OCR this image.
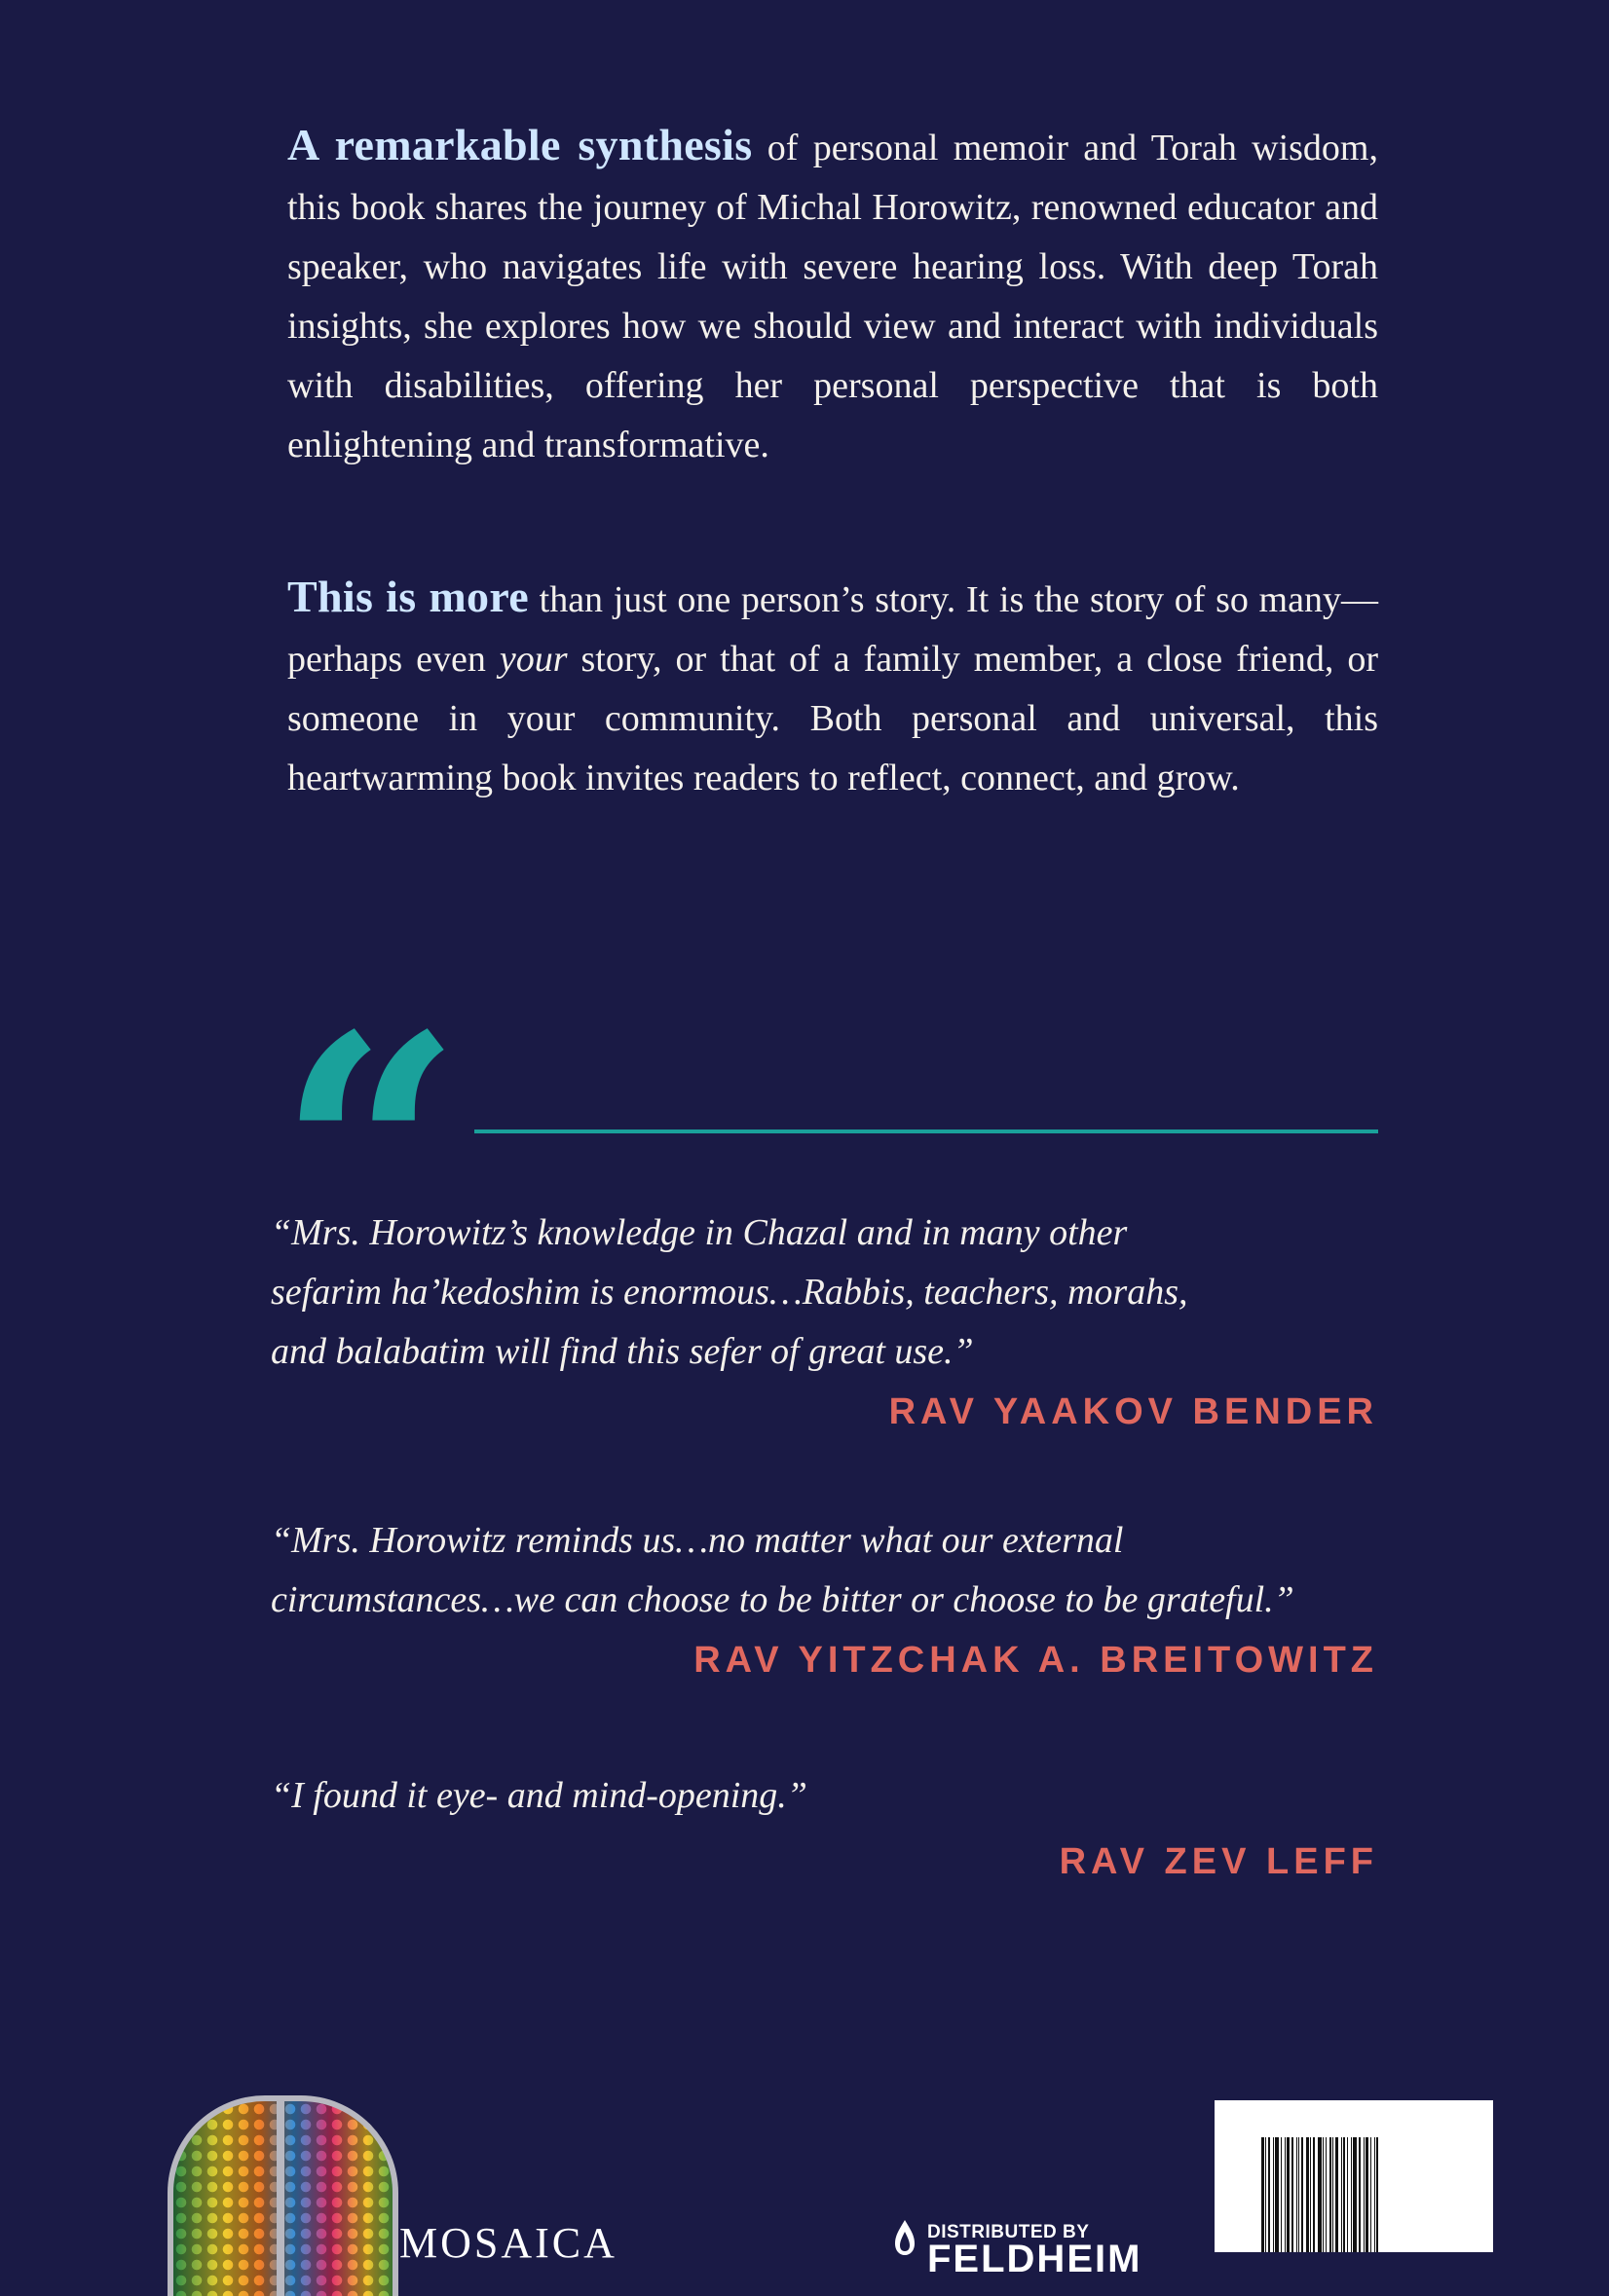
A remarkable synthesis of personal memoir and Torah wisdom, this book shares the journey of Michal Horowitz, renowned educator and speaker, who navigates life with severe hearing loss. With deep Torah insights, she explores how we should view and interact with individuals with disabilities, offering her personal perspective that is both enlightening and transformative.
This is more than just one person’s story. It is the story of so many—perhaps even your story, or that of a family member, a close friend, or someone in your community. Both personal and universal, this heartwarming book invites readers to reflect, connect, and grow.
“
“Mrs. Horowitz’s knowledge in Chazal and in many other
sefarim ha’kedoshim is enormous…Rabbis, teachers, morahs,
and balabatim will find this sefer of great use.”
RAV YAAKOV BENDER
“Mrs. Horowitz reminds us…no matter what our external
circumstances…we can choose to be bitter or choose to be grateful.”
RAV YITZCHAK A. BREITOWITZ
“I found it eye- and mind-opening.”
RAV ZEV LEFF
MOSAICA	DISTRIBUTED BY
FELDHEIM
